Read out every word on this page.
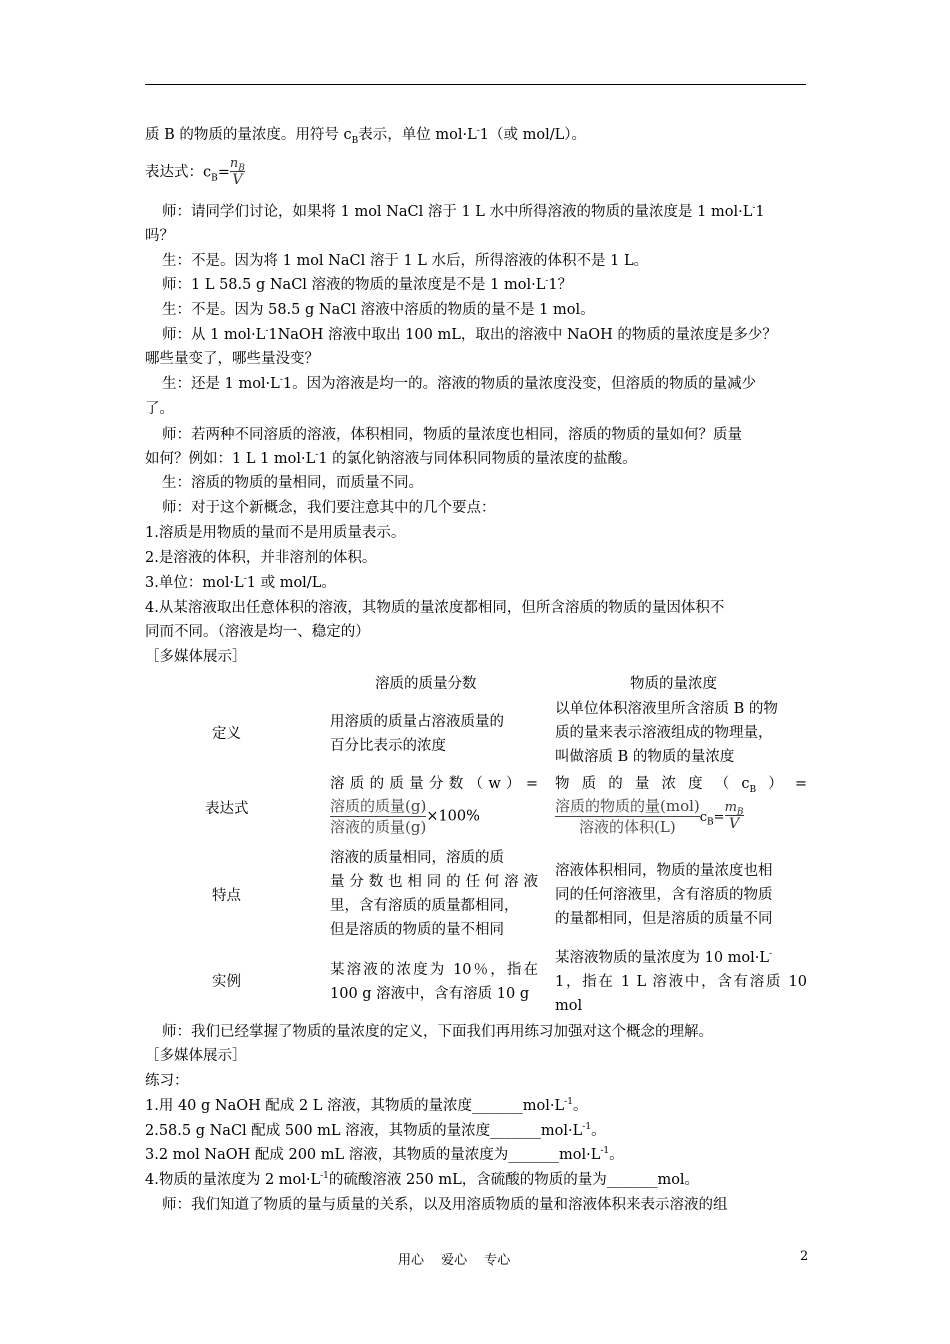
质 B 的物质的量浓度。用符号 $c_B$表示，单位 mol·L-1（或 mol/L）。
表达式：$c_B= \frac{n_B}{V}$
师：请同学们讨论，如果将 1 mol NaCl 溶于 1 L 水中所得溶液的物质的量浓度是 1 mol·L-1
吗？
生：不是。因为将 1 mol NaCl 溶于 1 L 水后，所得溶液的体积不是 1 L。
师：1 L 58.5 g NaCl 溶液的物质的量浓度是不是 1 mol·L-1？
生：不是。因为 58.5 g NaCl 溶液中溶质的物质的量不是 1 mol。
师：从 1 mol·L-1NaOH 溶液中取出 100 mL，取出的溶液中 NaOH 的物质的量浓度是多少？
哪些量变了，哪些量没变？
生：还是 1 mol·L-1。因为溶液是均一的。溶液的物质的量浓度没变，但溶质的物质的量减少
了。
师：若两种不同溶质的溶液，体积相同，物质的量浓度也相同，溶质的物质的量如何？质量
如何？例如：1 L 1 mol·L-1 的氯化钠溶液与同体积同物质的量浓度的盐酸。
生：溶质的物质的量相同，而质量不同。
师：对于这个新概念，我们要注意其中的几个要点：
1.溶质是用物质的量而不是用质量表示。
2.是溶液的体积，并非溶剂的体积。
3.单位：mol·L-1 或 mol/L。
4.从某溶液取出任意体积的溶液，其物质的量浓度都相同，但所含溶质的物质的量因体积不
同而不同。（溶液是均一、稳定的）
［多媒体展示］
溶质的质量分数	物质的量浓度
定义
用溶质的质量占溶液质量的
百分比表示的浓度
以单位体积溶液里所含溶质 B 的物
质的量来表示溶液组成的物理量，
叫做溶质 B 的物质的量浓度
表达式
溶质的质量分数（w）=
$\frac{\text{溶质的质量(g)}}{\text{溶液的质量(g)}} \times 100\%$
物质的量浓度$(c_B)=$
$\frac{\text{溶质的物质的量(mol)}}{\text{溶液的体积(L)}} c_B= \frac{m_B}{V}$
特点
溶液的质量相同，溶质的质
量分数也相同的任何溶液
里，含有溶质的质量都相同，
但是溶质的物质的量不相同
溶液体积相同，物质的量浓度也相
同的任何溶液里，含有溶质的物质
的量都相同，但是溶质的质量不同
实例
某溶液的浓度为 10％，指在
100 g 溶液中，含有溶质 10 g
某溶液物质的量浓度为 10 mol·L-
1，指在 1 L 溶液中，含有溶质 10
mol
师：我们已经掌握了物质的量浓度的定义，下面我们再用练习加强对这个概念的理解。
［多媒体展示］
练习：
1.用 40 g NaOH 配成 2 L 溶液，其物质的量浓度$\_\_\_\_\_\_\_mol\cdot L^{-1}$。
2.58.5 g NaCl 配成 500 mL 溶液，其物质的量浓度$\_\_\_\_\_\_\_mol\cdot L^{-1}$。
3.2 mol NaOH 配成 200 mL 溶液，其物质的量浓度为$\_\_\_\_\_\_\_mol\cdot L^{-1}$。
4.物质的量浓度为 2 $mol\cdot L^{-1}$的硫酸溶液 250 mL，含硫酸的物质的量为_______mol。
师：我们知道了物质的量与质量的关系，以及用溶质物质的量和溶液体积来表示溶液的组
用心　 爱心　 专心	2
